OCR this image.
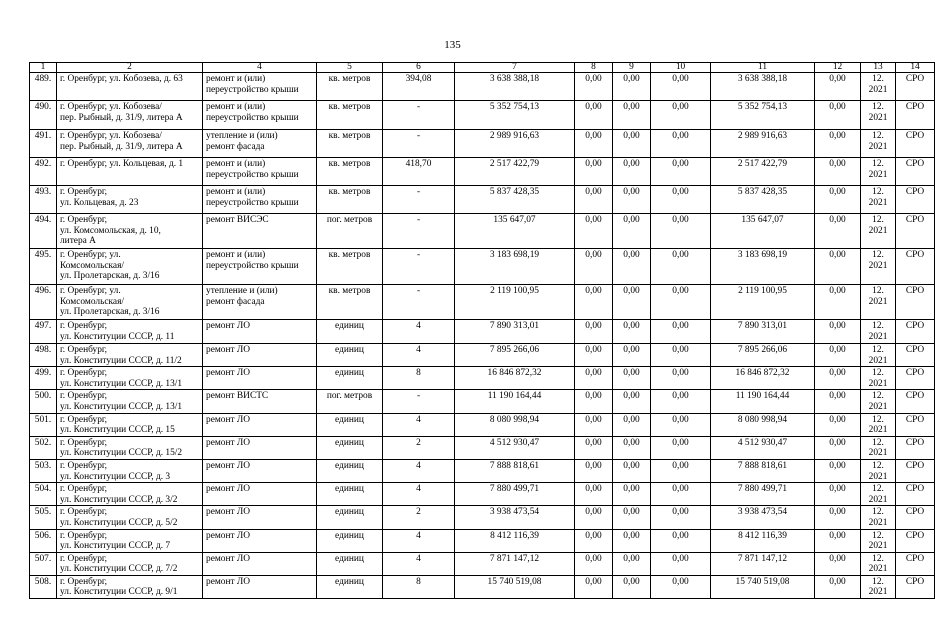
135
1	2	4	5	6	7	8	9	10	11	12	13	14
489.	г. Оренбург, ул. Кобозева, д. 63	ремонт и (или)
переустройство крыши	кв. метров	394,08	3 638 388,18	0,00	0,00	0,00	3 638 388,18	0,00	12.
2021	СРО
490.	г. Оренбург, ул. Кобозева/
пер. Рыбный, д. 31/9, литера А	ремонт и (или)
переустройство крыши	кв. метров	-	5 352 754,13	0,00	0,00	0,00	5 352 754,13	0,00	12.
2021	СРО
491.	г. Оренбург, ул. Кобозева/
пер. Рыбный, д. 31/9, литера А	утепление и (или)
ремонт фасада	кв. метров	-	2 989 916,63	0,00	0,00	0,00	2 989 916,63	0,00	12.
2021	СРО
492.	г. Оренбург, ул. Кольцевая, д. 1	ремонт и (или)
переустройство крыши	кв. метров	418,70	2 517 422,79	0,00	0,00	0,00	2 517 422,79	0,00	12.
2021	СРО
493.	г. Оренбург,
ул. Кольцевая, д. 23	ремонт и (или)
переустройство крыши	кв. метров	-	5 837 428,35	0,00	0,00	0,00	5 837 428,35	0,00	12.
2021	СРО
494.	г. Оренбург,
ул. Комсомольская, д. 10,
литера А	ремонт ВИСЭС	пог. метров	-	135 647,07	0,00	0,00	0,00	135 647,07	0,00	12.
2021	СРО
495.	г. Оренбург, ул.
Комсомольская/
ул. Пролетарская, д. 3/16	ремонт и (или)
переустройство крыши	кв. метров	-	3 183 698,19	0,00	0,00	0,00	3 183 698,19	0,00	12.
2021	СРО
496.	г. Оренбург, ул.
Комсомольская/
ул. Пролетарская, д. 3/16	утепление и (или)
ремонт фасада	кв. метров	-	2 119 100,95	0,00	0,00	0,00	2 119 100,95	0,00	12.
2021	СРО
497.	г. Оренбург,
ул. Конституции СССР, д. 11	ремонт ЛО	единиц	4	7 890 313,01	0,00	0,00	0,00	7 890 313,01	0,00	12.
2021	СРО
498.	г. Оренбург,
ул. Конституции СССР, д. 11/2	ремонт ЛО	единиц	4	7 895 266,06	0,00	0,00	0,00	7 895 266,06	0,00	12.
2021	СРО
499.	г. Оренбург,
ул. Конституции СССР, д. 13/1	ремонт ЛО	единиц	8	16 846 872,32	0,00	0,00	0,00	16 846 872,32	0,00	12.
2021	СРО
500.	г. Оренбург,
ул. Конституции СССР, д. 13/1	ремонт ВИСТС	пог. метров	-	11 190 164,44	0,00	0,00	0,00	11 190 164,44	0,00	12.
2021	СРО
501.	г. Оренбург,
ул. Конституции СССР, д. 15	ремонт ЛО	единиц	4	8 080 998,94	0,00	0,00	0,00	8 080 998,94	0,00	12.
2021	СРО
502.	г. Оренбург,
ул. Конституции СССР, д. 15/2	ремонт ЛО	единиц	2	4 512 930,47	0,00	0,00	0,00	4 512 930,47	0,00	12.
2021	СРО
503.	г. Оренбург,
ул. Конституции СССР, д. 3	ремонт ЛО	единиц	4	7 888 818,61	0,00	0,00	0,00	7 888 818,61	0,00	12.
2021	СРО
504.	г. Оренбург,
ул. Конституции СССР, д. 3/2	ремонт ЛО	единиц	4	7 880 499,71	0,00	0,00	0,00	7 880 499,71	0,00	12.
2021	СРО
505.	г. Оренбург,
ул. Конституции СССР, д. 5/2	ремонт ЛО	единиц	2	3 938 473,54	0,00	0,00	0,00	3 938 473,54	0,00	12.
2021	СРО
506.	г. Оренбург,
ул. Конституции СССР, д. 7	ремонт ЛО	единиц	4	8 412 116,39	0,00	0,00	0,00	8 412 116,39	0,00	12.
2021	СРО
507.	г. Оренбург,
ул. Конституции СССР, д. 7/2	ремонт ЛО	единиц	4	7 871 147,12	0,00	0,00	0,00	7 871 147,12	0,00	12.
2021	СРО
508.	г. Оренбург,
ул. Конституции СССР, д. 9/1	ремонт ЛО	единиц	8	15 740 519,08	0,00	0,00	0,00	15 740 519,08	0,00	12.
2021	СРО
